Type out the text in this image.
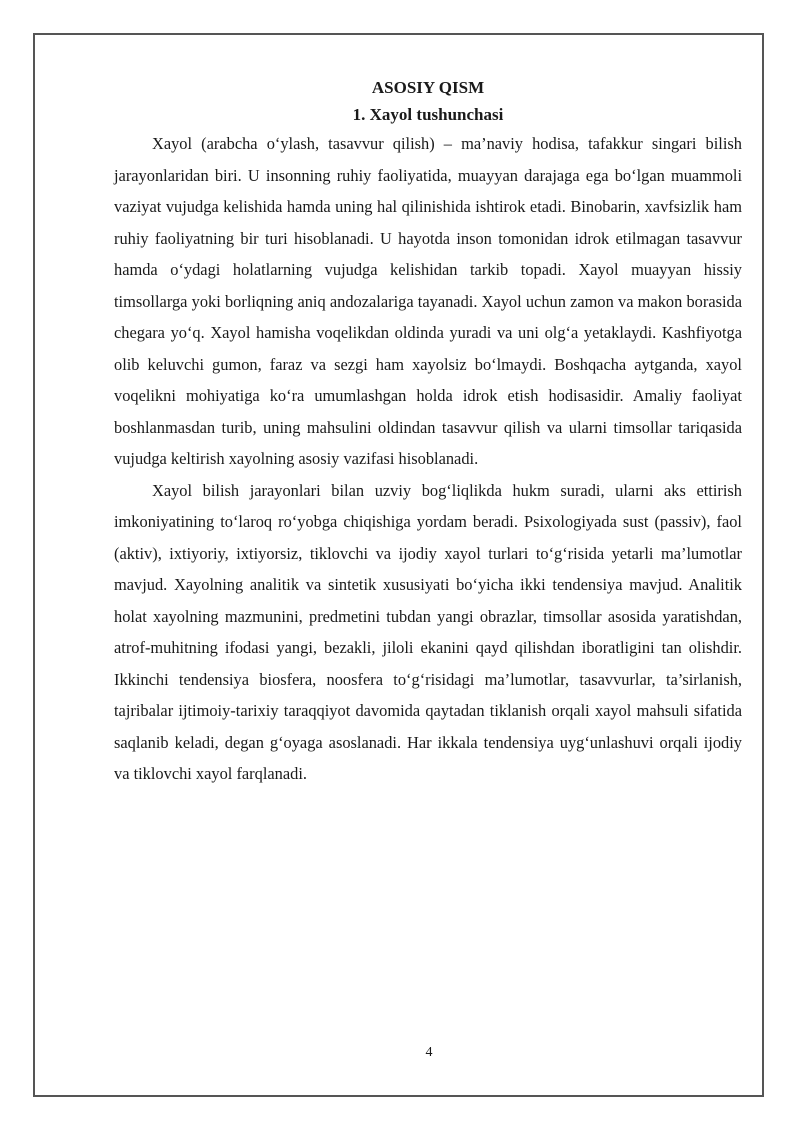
ASOSIY QISM

1. Xayol tushunchasi

Xayol (arabcha o‘ylash, tasavvur qilish) – ma’naviy hodisa, tafakkur singari bilish jarayonlaridan biri. U insonning ruhiy faoliyatida, muayyan darajaga ega bo‘lgan muammoli vaziyat vujudga kelishida hamda uning hal qilinishida ishtirok etadi. Binobarin, xavfsizlik ham ruhiy faoliyatning bir turi hisoblanadi. U hayotda inson tomonidan idrok etilmagan tasavvur hamda o‘ydagi holatlarning vujudga kelishidan tarkib topadi. Xayol muayyan hissiy timsollarga yoki borliqning aniq andozalariga tayanadi. Xayol uchun zamon va makon borasida chegara yo‘q. Xayol hamisha voqelikdan oldinda yuradi va uni olg‘a yetaklaydi. Kashfiyotga olib keluvchi gumon, faraz va sezgi ham xayolsiz bo‘lmaydi. Boshqacha aytganda, xayol voqelikni mohiyatiga ko‘ra umumlashgan holda idrok etish hodisasidir. Amaliy faoliyat boshlanmasdan turib, uning mahsulini oldindan tasavvur qilish va ularni timsollar tariqasida vujudga keltirish xayolning asosiy vazifasi hisoblanadi.

Xayol bilish jarayonlari bilan uzviy bog‘liqlikda hukm suradi, ularni aks ettirish imkoniyatining to‘laroq ro‘yobga chiqishiga yordam beradi. Psixologiyada sust (passiv), faol (aktiv), ixtiyoriy, ixtiyorsiz, tiklovchi va ijodiy xayol turlari to‘g‘risida yetarli ma’lumotlar mavjud. Xayolning analitik va sintetik xususiyati bo‘yicha ikki tendensiya mavjud. Analitik holat xayolning mazmunini, predmetini tubdan yangi obrazlar, timsollar asosida yaratishdan, atrof-muhitning ifodasi yangi, bezakli, jiloli ekanini qayd qilishdan iboratligini tan olishdir. Ikkinchi tendensiya biosfera, noosfera to‘g‘risidagi ma’lumotlar, tasavvurlar, ta’sirlanish, tajribalar ijtimoiy-tarixiy taraqqiyot davomida qaytadan tiklanish orqali xayol mahsuli sifatida saqlanib keladi, degan g‘oyaga asoslanadi. Har ikkala tendensiya uyg‘unlashuvi orqali ijodiy va tiklovchi xayol farqlanadi.

4
